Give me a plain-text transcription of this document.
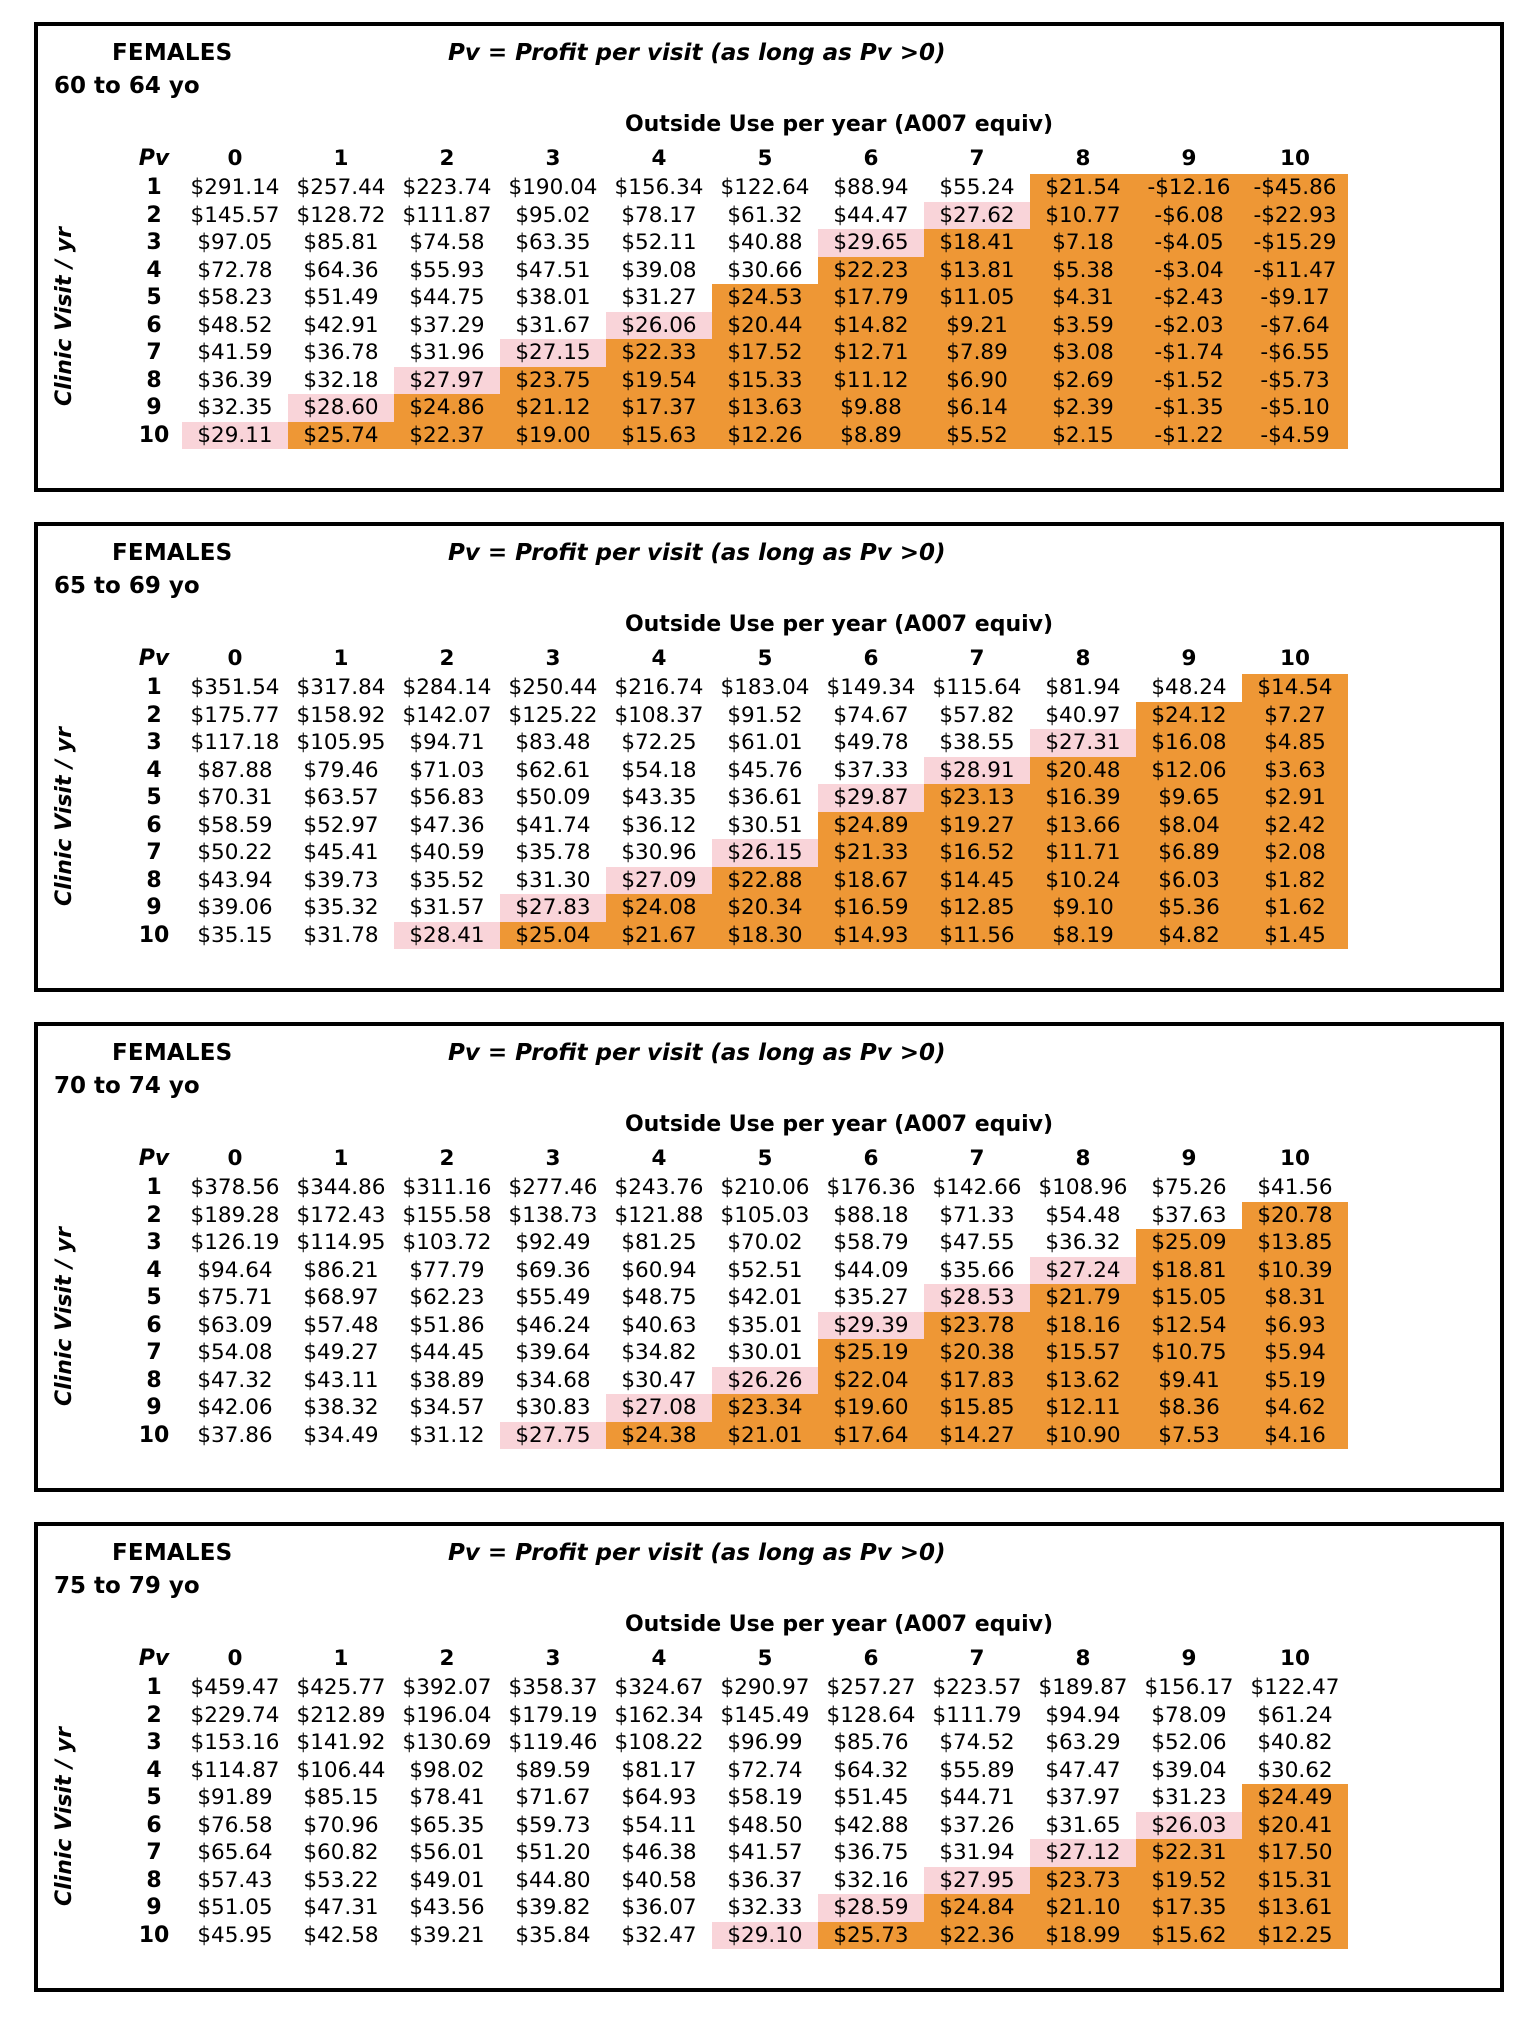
FEMALES
60 to 64 yo
Pv = Profit per visit (as long as Pv >0)
Outside Use per year (A007 equiv)
Clinic Visit / yr
Pv	0	1	2	3	4	5	6	7	8	9	10
1	$291.14	$257.44	$223.74	$190.04	$156.34	$122.64	$88.94	$55.24	$21.54	-$12.16	-$45.86
2	$145.57	$128.72	$111.87	$95.02	$78.17	$61.32	$44.47	$27.62	$10.77	-$6.08	-$22.93
3	$97.05	$85.81	$74.58	$63.35	$52.11	$40.88	$29.65	$18.41	$7.18	-$4.05	-$15.29
4	$72.78	$64.36	$55.93	$47.51	$39.08	$30.66	$22.23	$13.81	$5.38	-$3.04	-$11.47
5	$58.23	$51.49	$44.75	$38.01	$31.27	$24.53	$17.79	$11.05	$4.31	-$2.43	-$9.17
6	$48.52	$42.91	$37.29	$31.67	$26.06	$20.44	$14.82	$9.21	$3.59	-$2.03	-$7.64
7	$41.59	$36.78	$31.96	$27.15	$22.33	$17.52	$12.71	$7.89	$3.08	-$1.74	-$6.55
8	$36.39	$32.18	$27.97	$23.75	$19.54	$15.33	$11.12	$6.90	$2.69	-$1.52	-$5.73
9	$32.35	$28.60	$24.86	$21.12	$17.37	$13.63	$9.88	$6.14	$2.39	-$1.35	-$5.10
10	$29.11	$25.74	$22.37	$19.00	$15.63	$12.26	$8.89	$5.52	$2.15	-$1.22	-$4.59
FEMALES
65 to 69 yo
Pv = Profit per visit (as long as Pv >0)
Outside Use per year (A007 equiv)
Clinic Visit / yr
Pv	0	1	2	3	4	5	6	7	8	9	10
1	$351.54	$317.84	$284.14	$250.44	$216.74	$183.04	$149.34	$115.64	$81.94	$48.24	$14.54
2	$175.77	$158.92	$142.07	$125.22	$108.37	$91.52	$74.67	$57.82	$40.97	$24.12	$7.27
3	$117.18	$105.95	$94.71	$83.48	$72.25	$61.01	$49.78	$38.55	$27.31	$16.08	$4.85
4	$87.88	$79.46	$71.03	$62.61	$54.18	$45.76	$37.33	$28.91	$20.48	$12.06	$3.63
5	$70.31	$63.57	$56.83	$50.09	$43.35	$36.61	$29.87	$23.13	$16.39	$9.65	$2.91
6	$58.59	$52.97	$47.36	$41.74	$36.12	$30.51	$24.89	$19.27	$13.66	$8.04	$2.42
7	$50.22	$45.41	$40.59	$35.78	$30.96	$26.15	$21.33	$16.52	$11.71	$6.89	$2.08
8	$43.94	$39.73	$35.52	$31.30	$27.09	$22.88	$18.67	$14.45	$10.24	$6.03	$1.82
9	$39.06	$35.32	$31.57	$27.83	$24.08	$20.34	$16.59	$12.85	$9.10	$5.36	$1.62
10	$35.15	$31.78	$28.41	$25.04	$21.67	$18.30	$14.93	$11.56	$8.19	$4.82	$1.45
FEMALES
70 to 74 yo
Pv = Profit per visit (as long as Pv >0)
Outside Use per year (A007 equiv)
Clinic Visit / yr
Pv	0	1	2	3	4	5	6	7	8	9	10
1	$378.56	$344.86	$311.16	$277.46	$243.76	$210.06	$176.36	$142.66	$108.96	$75.26	$41.56
2	$189.28	$172.43	$155.58	$138.73	$121.88	$105.03	$88.18	$71.33	$54.48	$37.63	$20.78
3	$126.19	$114.95	$103.72	$92.49	$81.25	$70.02	$58.79	$47.55	$36.32	$25.09	$13.85
4	$94.64	$86.21	$77.79	$69.36	$60.94	$52.51	$44.09	$35.66	$27.24	$18.81	$10.39
5	$75.71	$68.97	$62.23	$55.49	$48.75	$42.01	$35.27	$28.53	$21.79	$15.05	$8.31
6	$63.09	$57.48	$51.86	$46.24	$40.63	$35.01	$29.39	$23.78	$18.16	$12.54	$6.93
7	$54.08	$49.27	$44.45	$39.64	$34.82	$30.01	$25.19	$20.38	$15.57	$10.75	$5.94
8	$47.32	$43.11	$38.89	$34.68	$30.47	$26.26	$22.04	$17.83	$13.62	$9.41	$5.19
9	$42.06	$38.32	$34.57	$30.83	$27.08	$23.34	$19.60	$15.85	$12.11	$8.36	$4.62
10	$37.86	$34.49	$31.12	$27.75	$24.38	$21.01	$17.64	$14.27	$10.90	$7.53	$4.16
FEMALES
75 to 79 yo
Pv = Profit per visit (as long as Pv >0)
Outside Use per year (A007 equiv)
Clinic Visit / yr
Pv	0	1	2	3	4	5	6	7	8	9	10
1	$459.47	$425.77	$392.07	$358.37	$324.67	$290.97	$257.27	$223.57	$189.87	$156.17	$122.47
2	$229.74	$212.89	$196.04	$179.19	$162.34	$145.49	$128.64	$111.79	$94.94	$78.09	$61.24
3	$153.16	$141.92	$130.69	$119.46	$108.22	$96.99	$85.76	$74.52	$63.29	$52.06	$40.82
4	$114.87	$106.44	$98.02	$89.59	$81.17	$72.74	$64.32	$55.89	$47.47	$39.04	$30.62
5	$91.89	$85.15	$78.41	$71.67	$64.93	$58.19	$51.45	$44.71	$37.97	$31.23	$24.49
6	$76.58	$70.96	$65.35	$59.73	$54.11	$48.50	$42.88	$37.26	$31.65	$26.03	$20.41
7	$65.64	$60.82	$56.01	$51.20	$46.38	$41.57	$36.75	$31.94	$27.12	$22.31	$17.50
8	$57.43	$53.22	$49.01	$44.80	$40.58	$36.37	$32.16	$27.95	$23.73	$19.52	$15.31
9	$51.05	$47.31	$43.56	$39.82	$36.07	$32.33	$28.59	$24.84	$21.10	$17.35	$13.61
10	$45.95	$42.58	$39.21	$35.84	$32.47	$29.10	$25.73	$22.36	$18.99	$15.62	$12.25
